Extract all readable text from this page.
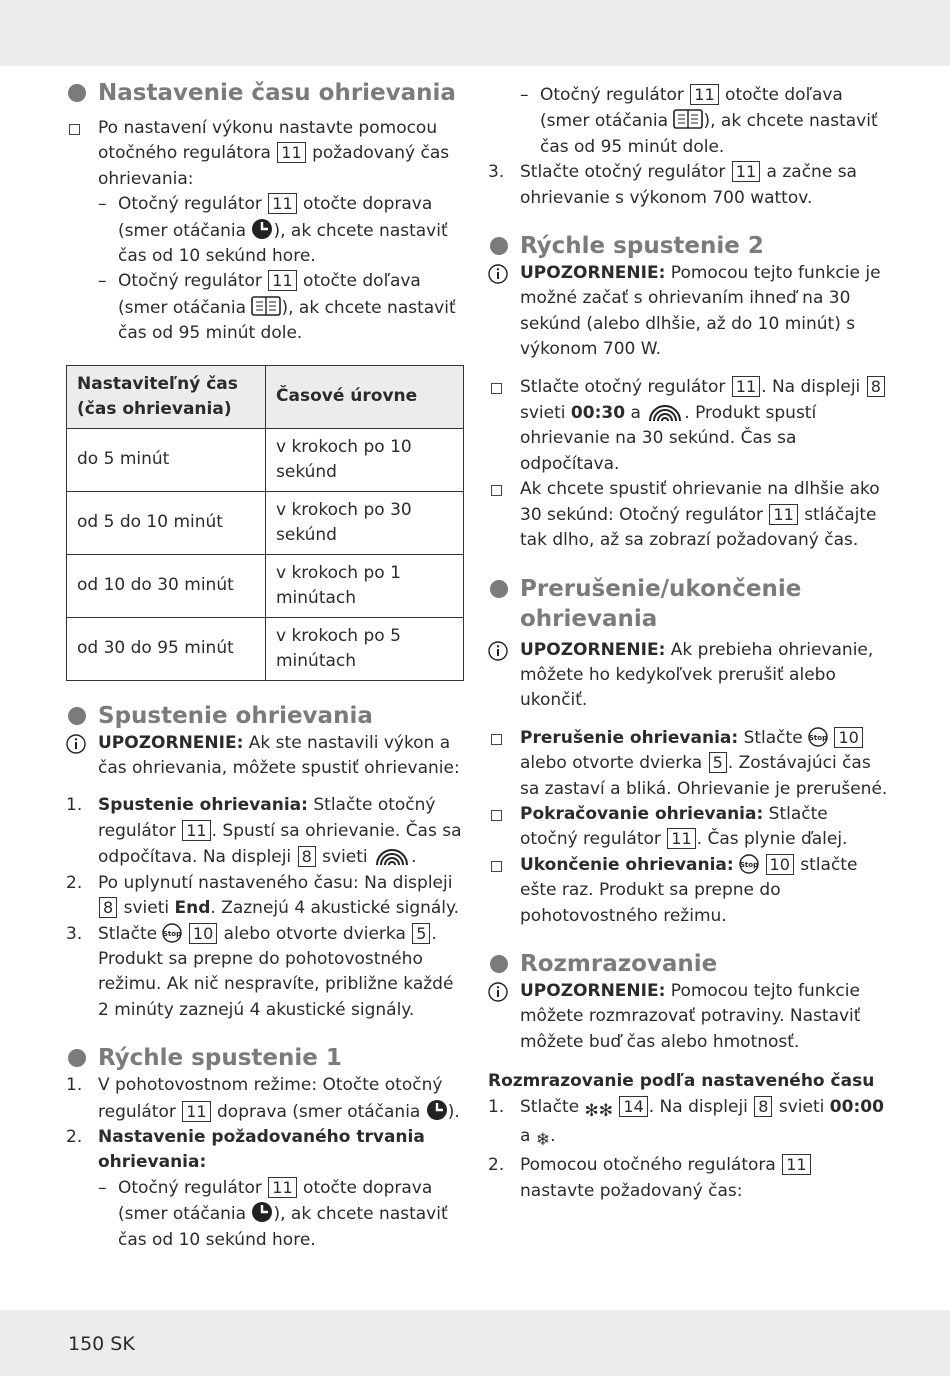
Nastavenie času ohrievania

Po nastavení výkonu nastavte pomocou otočného regulátora 11 požadovaný čas ohrievania:

– Otočný regulátor 11 otočte doprava (smer otáčania ), ak chcete nastaviť čas od 10 sekúnd hore.

– Otočný regulátor 11 otočte doľava (smer otáčania ), ak chcete nastaviť čas od 95 minút dole.

Nastaviteľný čas (čas ohrievania)	Časové úrovne
do 5 minút	v krokoch po 10 sekúnd
od 5 do 10 minút	v krokoch po 30 sekúnd
od 10 do 30 minút	v krokoch po 1 minútach
od 30 do 95 minút	v krokoch po 5 minútach
Spustenie ohrievania

UPOZORNENIE: Ak ste nastavili výkon a čas ohrievania, môžete spustiť ohrievanie:

1. Spustenie ohrievania: Stlačte otočný regulátor 11 . Spustí sa ohrievanie. Čas sa odpočítava. Na displeji 8 svieti	.

2. Po uplynutí nastaveného času: Na displeji 8 svieti End. Zaznejú 4 akustické signály.

3. Stlačte Stop 10 alebo otvorte dvierka 5 . Produkt sa prepne do pohotovostného režimu. Ak nič nespravíte, približne každé 2 minúty zaznejú 4 akustické signály.

Rýchle spustenie 1

1. V pohotovostnom režime: Otočte otočný regulátor 11 doprava (smer otáčania ).

2. Nastavenie požadovaného trvania ohrievania:

– Otočný regulátor 11 otočte doprava (smer otáčania ), ak chcete nastaviť čas od 10 sekúnd hore.

– Otočný regulátor 11 otočte doľava (smer otáčania ), ak chcete nastaviť čas od 95 minút dole.

3. Stlačte otočný regulátor 11 a začne sa ohrievanie s výkonom 700 wattov.

Rýchle spustenie 2

UPOZORNENIE: Pomocou tejto funkcie je možné začať s ohrievaním ihneď na 30 sekúnd (alebo dlhšie, až do 10 minút) s výkonom 700 W.

Stlačte otočný regulátor 11 . Na displeji 8 svieti 00:30 a	. Produkt spustí ohrievanie na 30 sekúnd. Čas sa odpočítava.

Ak chcete spustiť ohrievanie na dlhšie ako 30 sekúnd: Otočný regulátor 11 stláčajte tak dlho, až sa zobrazí požadovaný čas.

Prerušenie/ukončenie ohrievania

UPOZORNENIE: Ak prebieha ohrievanie, môžete ho kedykoľvek prerušiť alebo ukončiť.

Prerušenie ohrievania: Stlačte Stop 10 alebo otvorte dvierka 5 . Zostávajúci čas sa zastaví a bliká. Ohrievanie je prerušené.

Pokračovanie ohrievania: Stlačte otočný regulátor 11 . Čas plynie ďalej.

Ukončenie ohrievania: Stop 10 stlačte ešte raz. Produkt sa prepne do pohotovostného režimu.

Rozmrazovanie

UPOZORNENIE: Pomocou tejto funkcie môžete rozmrazovať potraviny. Nastaviť môžete buď čas alebo hmotnosť.

Rozmrazovanie podľa nastaveného času

1. Stlačte ✻✻ 14 . Na displeji 8 svieti 00:00 a ❄.

2. Pomocou otočného regulátora 11 nastavte požadovaný čas:

150 SK
